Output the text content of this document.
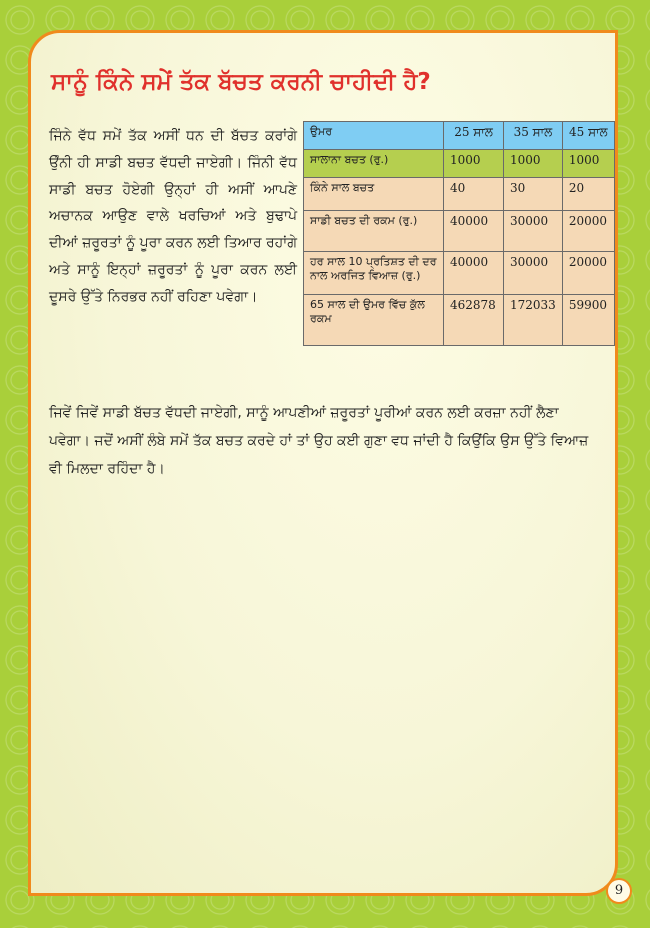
ਸਾਨੂੰ ਕਿੰਨੇ ਸਮੇਂ ਤੱਕ ਬੱਚਤ ਕਰਨੀ ਚਾਹੀਦੀ ਹੈ?

ਜਿੰਨੇ ਵੱਧ ਸਮੇਂ ਤੱਕ ਅਸੀਂ ਧਨ ਦੀ ਬੱਚਤ ਕਰਾਂਗੇ ਉੰਨੀ ਹੀ ਸਾਡੀ ਬਚਤ ਵੱਧਦੀ ਜਾਏਗੀ। ਜਿੰਨੀ ਵੱਧ ਸਾਡੀ ਬਚਤ ਹੋਏਗੀ ਉਨ੍ਹਾਂ ਹੀ ਅਸੀਂ ਆਪਣੇ ਅਚਾਨਕ ਆਉਣ ਵਾਲੇ ਖਰਚਿਆਂ ਅਤੇ ਬੁਢਾਪੇ ਦੀਆਂ ਜ਼ਰੂਰਤਾਂ ਨੂੰ ਪੂਰਾ ਕਰਨ ਲਈ ਤਿਆਰ ਰਹਾਂਗੇ ਅਤੇ ਸਾਨੂੰ ਇਨ੍ਹਾਂ ਜ਼ਰੂਰਤਾਂ ਨੂੰ ਪੂਰਾ ਕਰਨ ਲਈ ਦੂਸਰੇ ਉੱਤੇ ਨਿਰਭਰ ਨਹੀਂ ਰਹਿਣਾ ਪਵੇਗਾ।

ਉਮਰ	25 ਸਾਲ	35 ਸਾਲ	45 ਸਾਲ
ਸਾਲਾਨਾ ਬਚਤ (ਰੁ.)	1000	1000	1000
ਕਿੰਨੇ ਸਾਲ ਬਚਤ	40	30	20
ਸਾਡੀ ਬਚਤ ਦੀ ਰਕਮ (ਰੁ.)	40000	30000	20000
ਹਰ ਸਾਲ 10 ਪ੍ਰਤਿਸ਼ਤ ਦੀ ਦਰ ਨਾਲ ਅਰਜਿਤ ਵਿਆਜ਼ (ਰੁ.)	40000	30000	20000
65 ਸਾਲ ਦੀ ਉਮਰ ਵਿੱਚ ਕੁੱਲ ਰਕਮ	462878	172033	59900

ਜਿਵੇਂ ਜਿਵੇਂ ਸਾਡੀ ਬੱਚਤ ਵੱਧਦੀ ਜਾਏਗੀ, ਸਾਨੂੰ ਆਪਣੀਆਂ ਜ਼ਰੂਰਤਾਂ ਪੂਰੀਆਂ ਕਰਨ ਲਈ ਕਰਜ਼ਾ ਨਹੀਂ ਲੈਣਾ ਪਵੇਗਾ। ਜਦੋਂ ਅਸੀਂ ਲੰਬੇ ਸਮੇਂ ਤੱਕ ਬਚਤ ਕਰਦੇ ਹਾਂ ਤਾਂ ਉਹ ਕਈ ਗੁਣਾ ਵਧ ਜਾਂਦੀ ਹੈ ਕਿਉਂਕਿ ਉਸ ਉੱਤੇ ਵਿਆਜ਼ ਵੀ ਮਿਲਦਾ ਰਹਿੰਦਾ ਹੈ।

9
